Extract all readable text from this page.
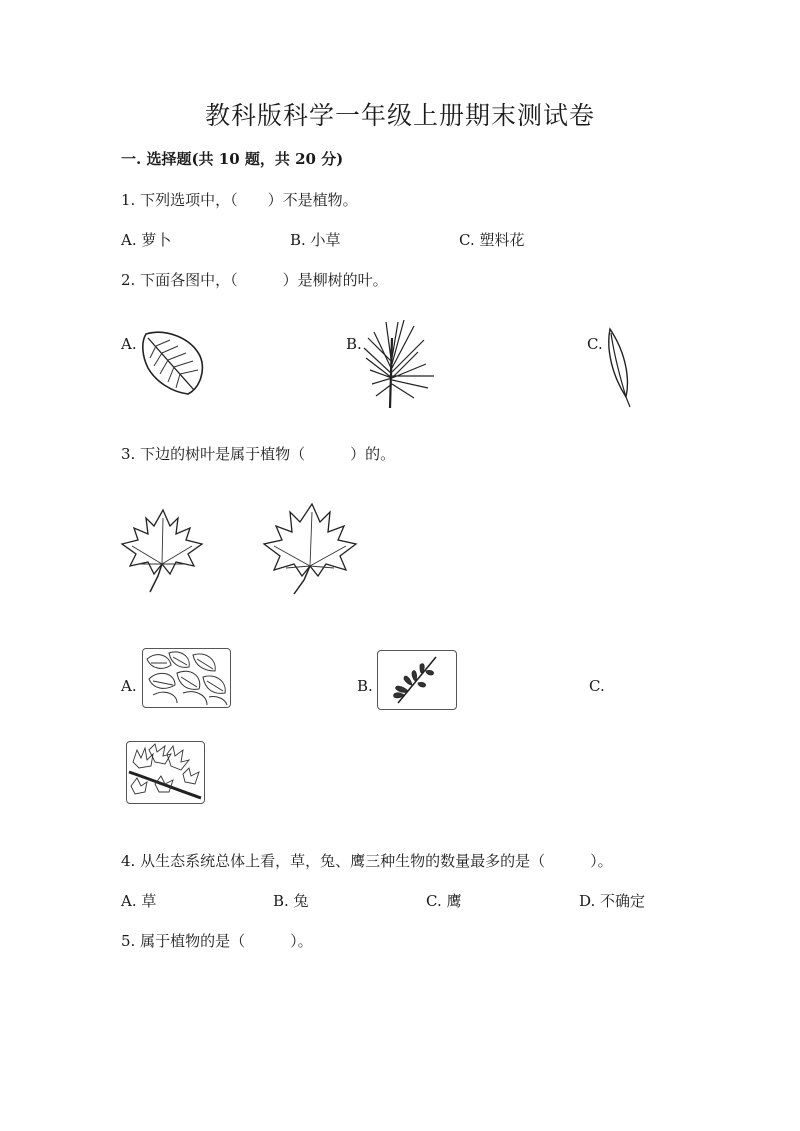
教科版科学一年级上册期末测试卷
一. 选择题(共 10 题，共 20 分)
1. 下列选项中，（　　）不是植物。
A. 萝卜	B. 小草	C. 塑料花
2. 下面各图中，（　　　）是柳树的叶。
A.	B.	C.
3. 下边的树叶是属于植物（　　　）的。
A.	B.	C.
4. 从生态系统总体上看，草，兔、鹰三种生物的数量最多的是（　　　）。
A. 草	B. 兔	C. 鹰	D. 不确定
5. 属于植物的是（　　　）。
